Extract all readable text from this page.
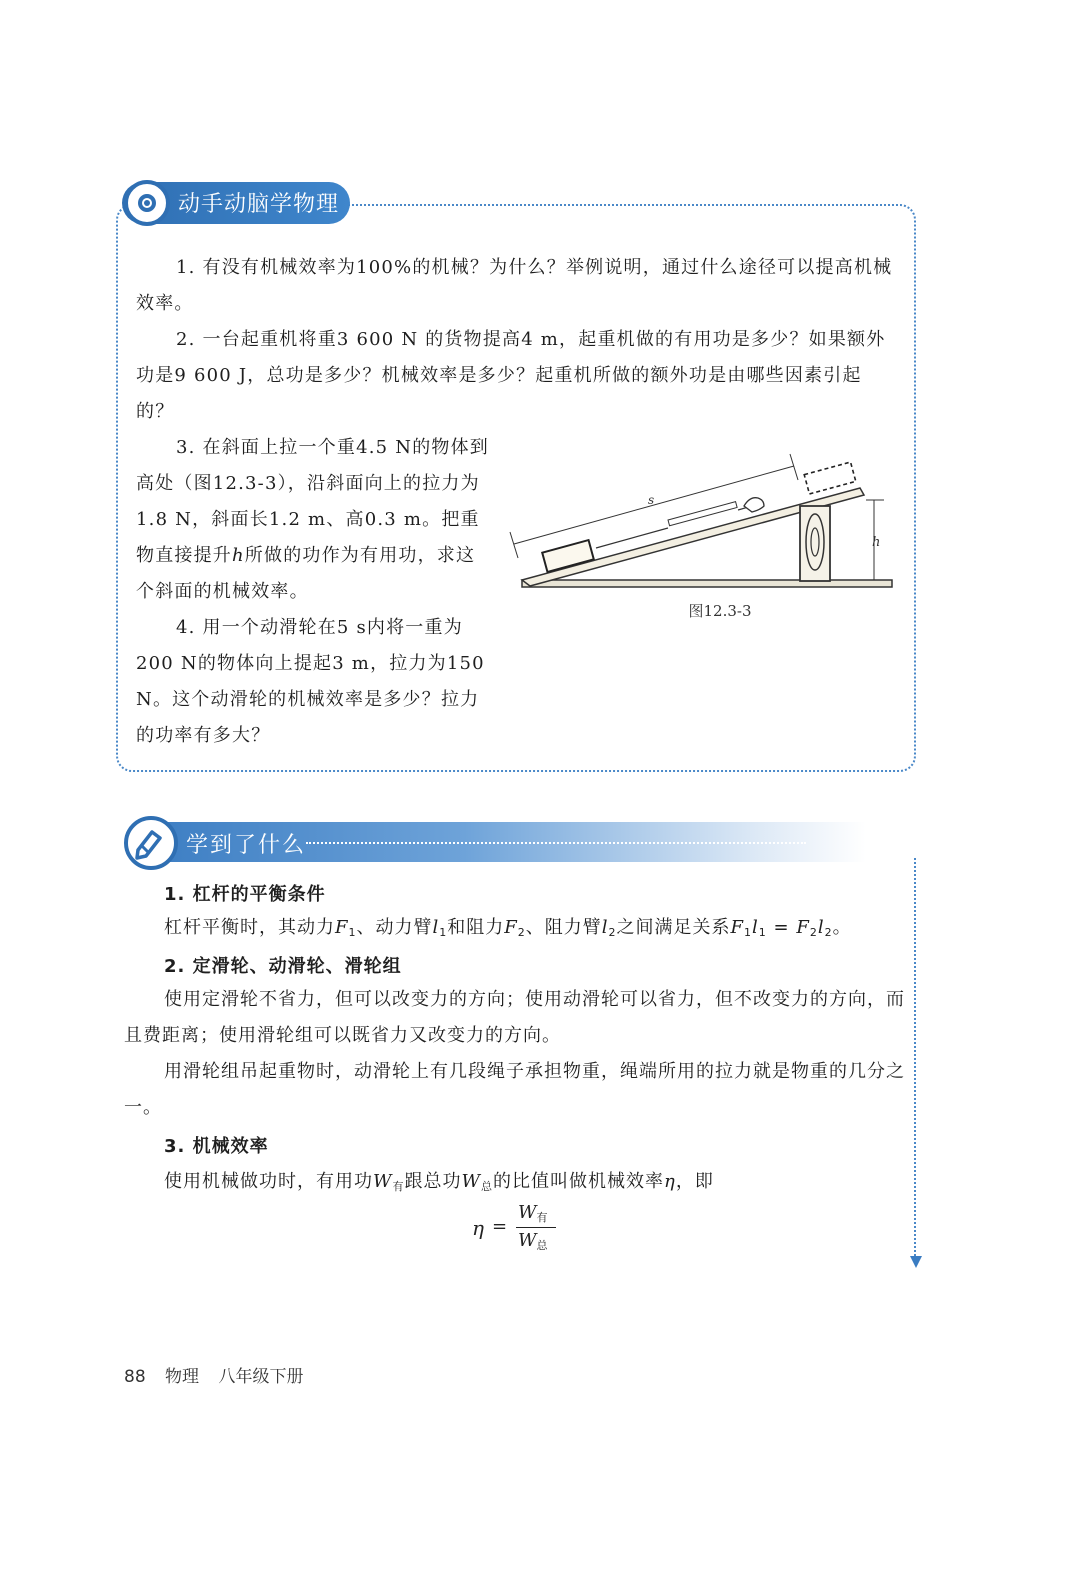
动手动脑学物理
1. 有没有机械效率为100%的机械？为什么？举例说明，通过什么途径可以提高机械效率。
2. 一台起重机将重3 600 N 的货物提高4 m，起重机做的有用功是多少？如果额外功是9 600 J，总功是多少？机械效率是多少？起重机所做的额外功是由哪些因素引起的？
3. 在斜面上拉一个重4.5 N的物体到高处（图12.3-3），沿斜面向上的拉力为1.8 N，斜面长1.2 m、高0.3 m。把重物直接提升h所做的功作为有用功，求这个斜面的机械效率。
4. 用一个动滑轮在5 s内将一重为200 N的物体向上提起3 m，拉力为150 N。这个动滑轮的机械效率是多少？拉力的功率有多大？
s
h
图12.3-3
学到了什么
1. 杠杆的平衡条件
杠杆平衡时，其动力$F_1$、动力臂$l_1$和阻力$F_2$、阻力臂$l_2$之间满足关系$F_1l_1 = F_2l_2$。
2. 定滑轮、动滑轮、滑轮组
使用定滑轮不省力，但可以改变力的方向；使用动滑轮可以省力，但不改变力的方向，而且费距离；使用滑轮组可以既省力又改变力的方向。
用滑轮组吊起重物时，动滑轮上有几段绳子承担物重，绳端所用的拉力就是物重的几分之一。
3. 机械效率
使用机械做功时，有用功$W_有$跟总功$W_总$的比值叫做机械效率η，即
η =
$W_有$
$W_总$
88 物理 八年级下册
